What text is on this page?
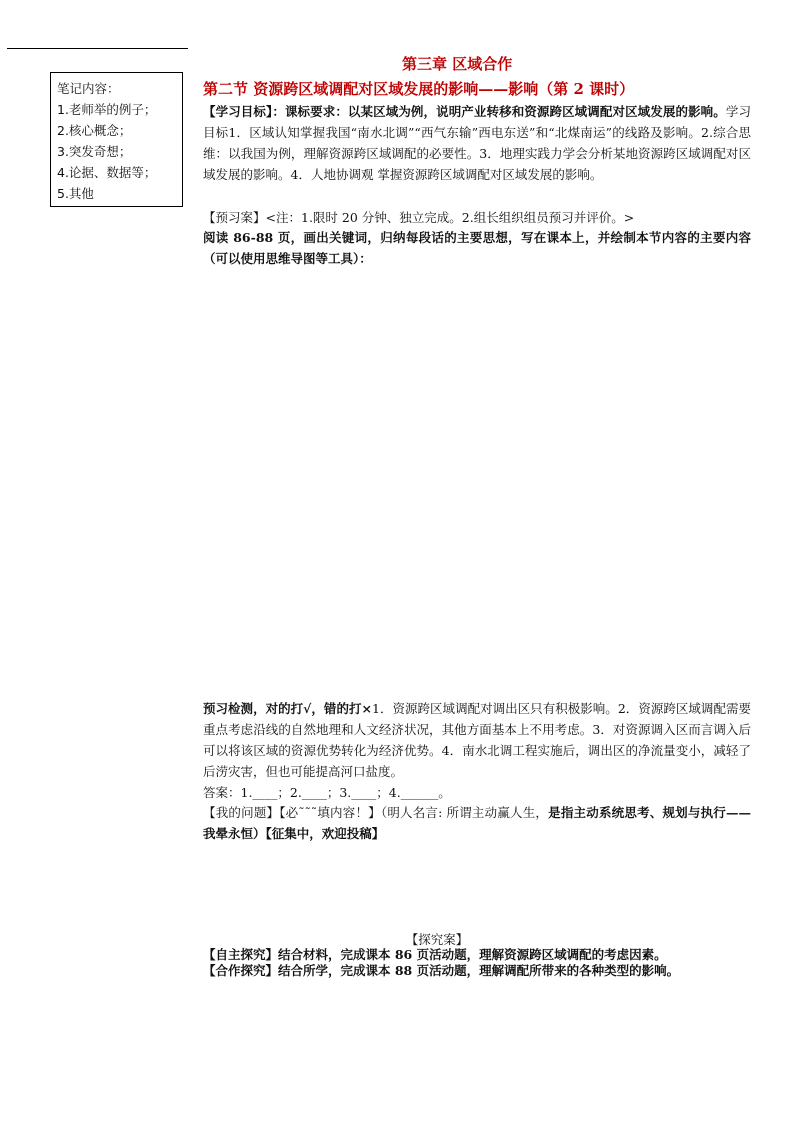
笔记内容：
1.老师举的例子；
2.核心概念；
3.突发奇想；
4.论据、数据等；
5.其他
第三章 区域合作
第二节 资源跨区域调配对区域发展的影响——影响（第 2 课时）
【学习目标】：课标要求：以某区域为例，说明产业转移和资源跨区域调配对区域发展的影响。学习目标1．区域认知掌握我国“南水北调”“西气东输”西电东送”和“北煤南运”的线路及影响。2.综合思维：以我国为例，理解资源跨区域调配的必要性。3．地理实践力学会分析某地资源跨区域调配对区域发展的影响。4．人地协调观 掌握资源跨区域调配对区域发展的影响。
【预习案】<注：1.限时 20 分钟、独立完成。2.组长组织组员预习并评价。>
阅读 86-88 页，画出关键词，归纳每段话的主要思想，写在课本上，并绘制本节内容的主要内容（可以使用思维导图等工具）：
预习检测，对的打√，错的打×1．资源跨区域调配对调出区只有积极影响。2．资源跨区域调配需要重点考虑沿线的自然地理和人文经济状况，其他方面基本上不用考虑。3．对资源调入区而言调入后可以将该区域的资源优势转化为经济优势。4．南水北调工程实施后，调出区的净流量变小，减轻了后涝灾害，但也可能提高河口盐度。
答案：1.____；2.____；3.____；4.______。
【我的问题】【必˜˜˜填内容！】（明人名言: 所谓主动赢人生，是指主动系统思考、规划与执行——我晕永恒）【征集中，欢迎投稿】
【探究案】
【自主探究】结合材料，完成课本 86 页活动题，理解资源跨区域调配的考虑因素。
【合作探究】结合所学，完成课本 88 页活动题，理解调配所带来的各种类型的影响。
